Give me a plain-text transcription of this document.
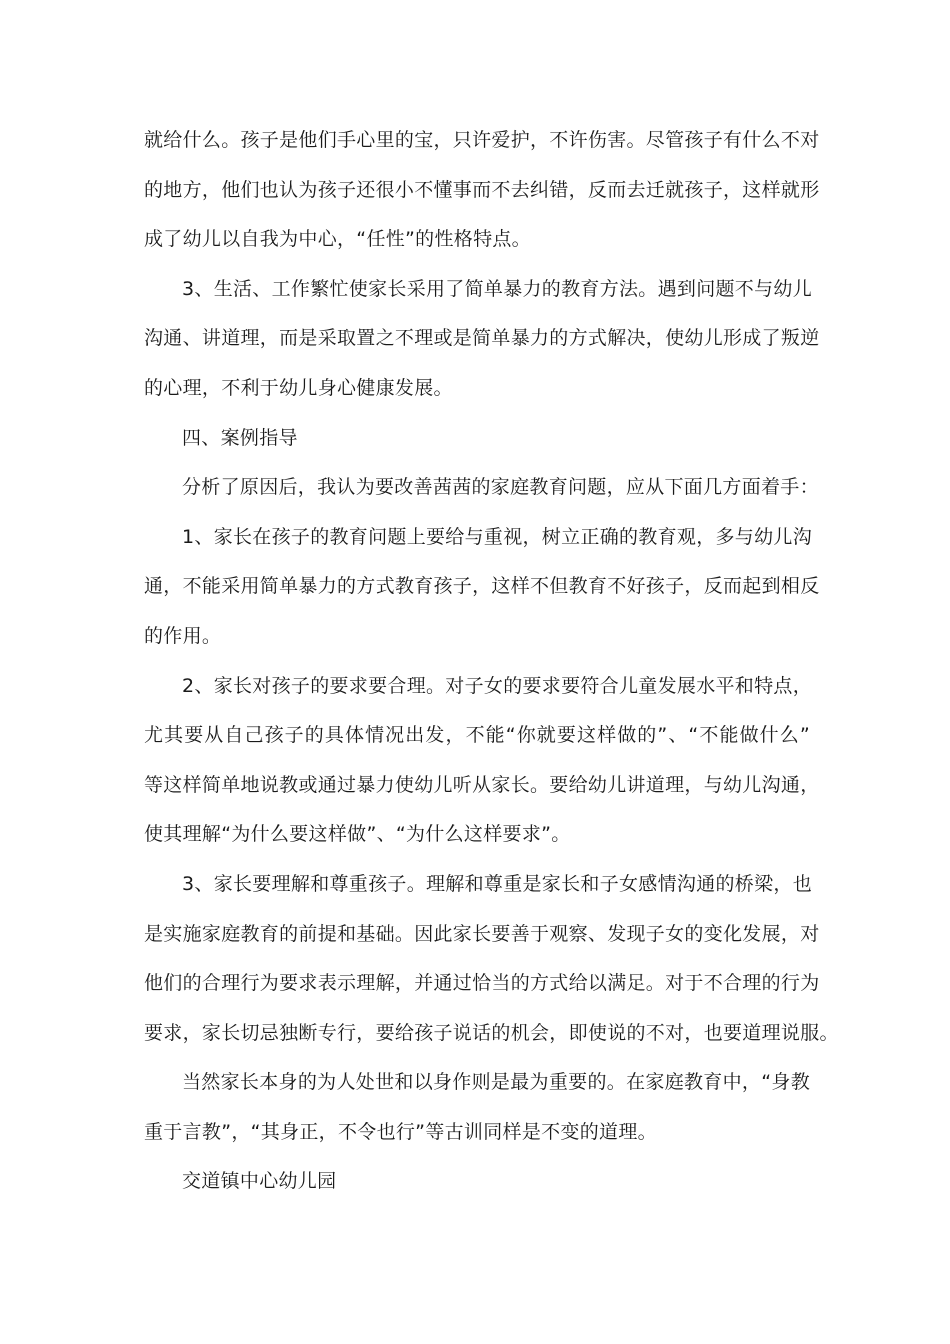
就给什么。孩子是他们手心里的宝，只许爱护，不许伤害。尽管孩子有什么不对
的地方，他们也认为孩子还很小不懂事而不去纠错，反而去迁就孩子，这样就形
成了幼儿以自我为中心，“任性”的性格特点。
3、生活、工作繁忙使家长采用了简单暴力的教育方法。遇到问题不与幼儿
沟通、讲道理，而是采取置之不理或是简单暴力的方式解决，使幼儿形成了叛逆
的心理，不利于幼儿身心健康发展。
四、案例指导
分析了原因后，我认为要改善茜茜的家庭教育问题，应从下面几方面着手：
1、家长在孩子的教育问题上要给与重视，树立正确的教育观，多与幼儿沟
通，不能采用简单暴力的方式教育孩子，这样不但教育不好孩子，反而起到相反
的作用。
2、家长对孩子的要求要合理。对子女的要求要符合儿童发展水平和特点，
尤其要从自己孩子的具体情况出发，不能“你就要这样做的”、“不能做什么”
等这样简单地说教或通过暴力使幼儿听从家长。要给幼儿讲道理，与幼儿沟通，
使其理解“为什么要这样做”、“为什么这样要求”。
3、家长要理解和尊重孩子。理解和尊重是家长和子女感情沟通的桥梁，也
是实施家庭教育的前提和基础。因此家长要善于观察、发现子女的变化发展，对
他们的合理行为要求表示理解，并通过恰当的方式给以满足。对于不合理的行为
要求，家长切忌独断专行，要给孩子说话的机会，即使说的不对，也要道理说服。
当然家长本身的为人处世和以身作则是最为重要的。在家庭教育中，“身教
重于言教”，“其身正，不令也行”等古训同样是不变的道理。
交道镇中心幼儿园
